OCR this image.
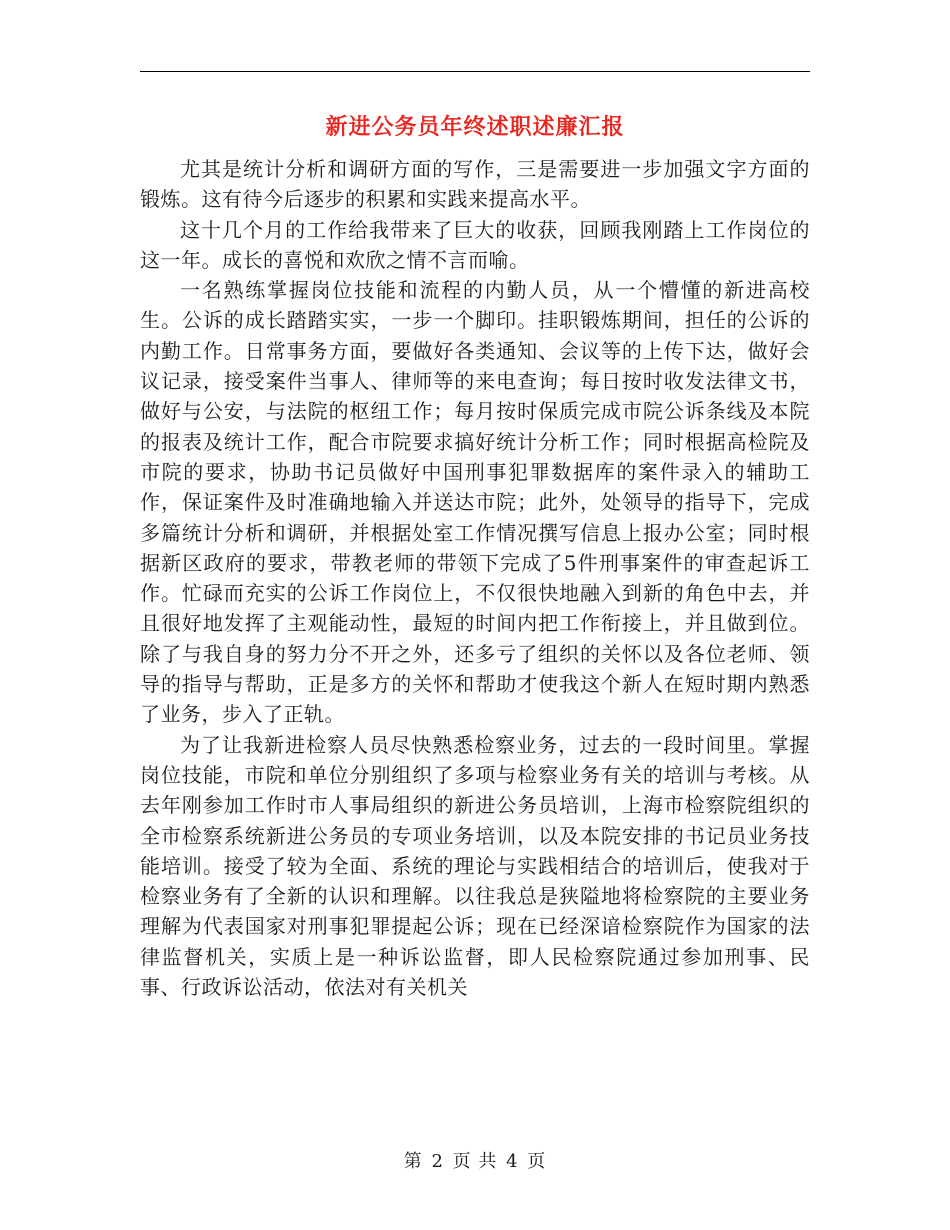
新进公务员年终述职述廉汇报

尤其是统计分析和调研方面的写作，三是需要进一步加强文字方面的锻炼。这有待今后逐步的积累和实践来提高水平。

这十几个月的工作给我带来了巨大的收获，回顾我刚踏上工作岗位的这一年。成长的喜悦和欢欣之情不言而喻。

一名熟练掌握岗位技能和流程的内勤人员，从一个懵懂的新进高校生。公诉的成长踏踏实实，一步一个脚印。挂职锻炼期间，担任的公诉的内勤工作。日常事务方面，要做好各类通知、会议等的上传下达，做好会议记录，接受案件当事人、律师等的来电查询；每日按时收发法律文书，做好与公安，与法院的枢纽工作；每月按时保质完成市院公诉条线及本院的报表及统计工作，配合市院要求搞好统计分析工作；同时根据高检院及市院的要求，协助书记员做好中国刑事犯罪数据库的案件录入的辅助工作，保证案件及时准确地输入并送达市院；此外，处领导的指导下，完成多篇统计分析和调研，并根据处室工作情况撰写信息上报办公室；同时根据新区政府的要求，带教老师的带领下完成了5件刑事案件的审查起诉工作。忙碌而充实的公诉工作岗位上，不仅很快地融入到新的角色中去，并且很好地发挥了主观能动性，最短的时间内把工作衔接上，并且做到位。除了与我自身的努力分不开之外，还多亏了组织的关怀以及各位老师、领导的指导与帮助，正是多方的关怀和帮助才使我这个新人在短时期内熟悉了业务，步入了正轨。

为了让我新进检察人员尽快熟悉检察业务，过去的一段时间里。掌握岗位技能，市院和单位分别组织了多项与检察业务有关的培训与考核。从去年刚参加工作时市人事局组织的新进公务员培训，上海市检察院组织的全市检察系统新进公务员的专项业务培训，以及本院安排的书记员业务技能培训。接受了较为全面、系统的理论与实践相结合的培训后，使我对于检察业务有了全新的认识和理解。以往我总是狭隘地将检察院的主要业务理解为代表国家对刑事犯罪提起公诉；现在已经深谙检察院作为国家的法律监督机关，实质上是一种诉讼监督，即人民检察院通过参加刑事、民事、行政诉讼活动，依法对有关机关

第 2 页 共 4 页
